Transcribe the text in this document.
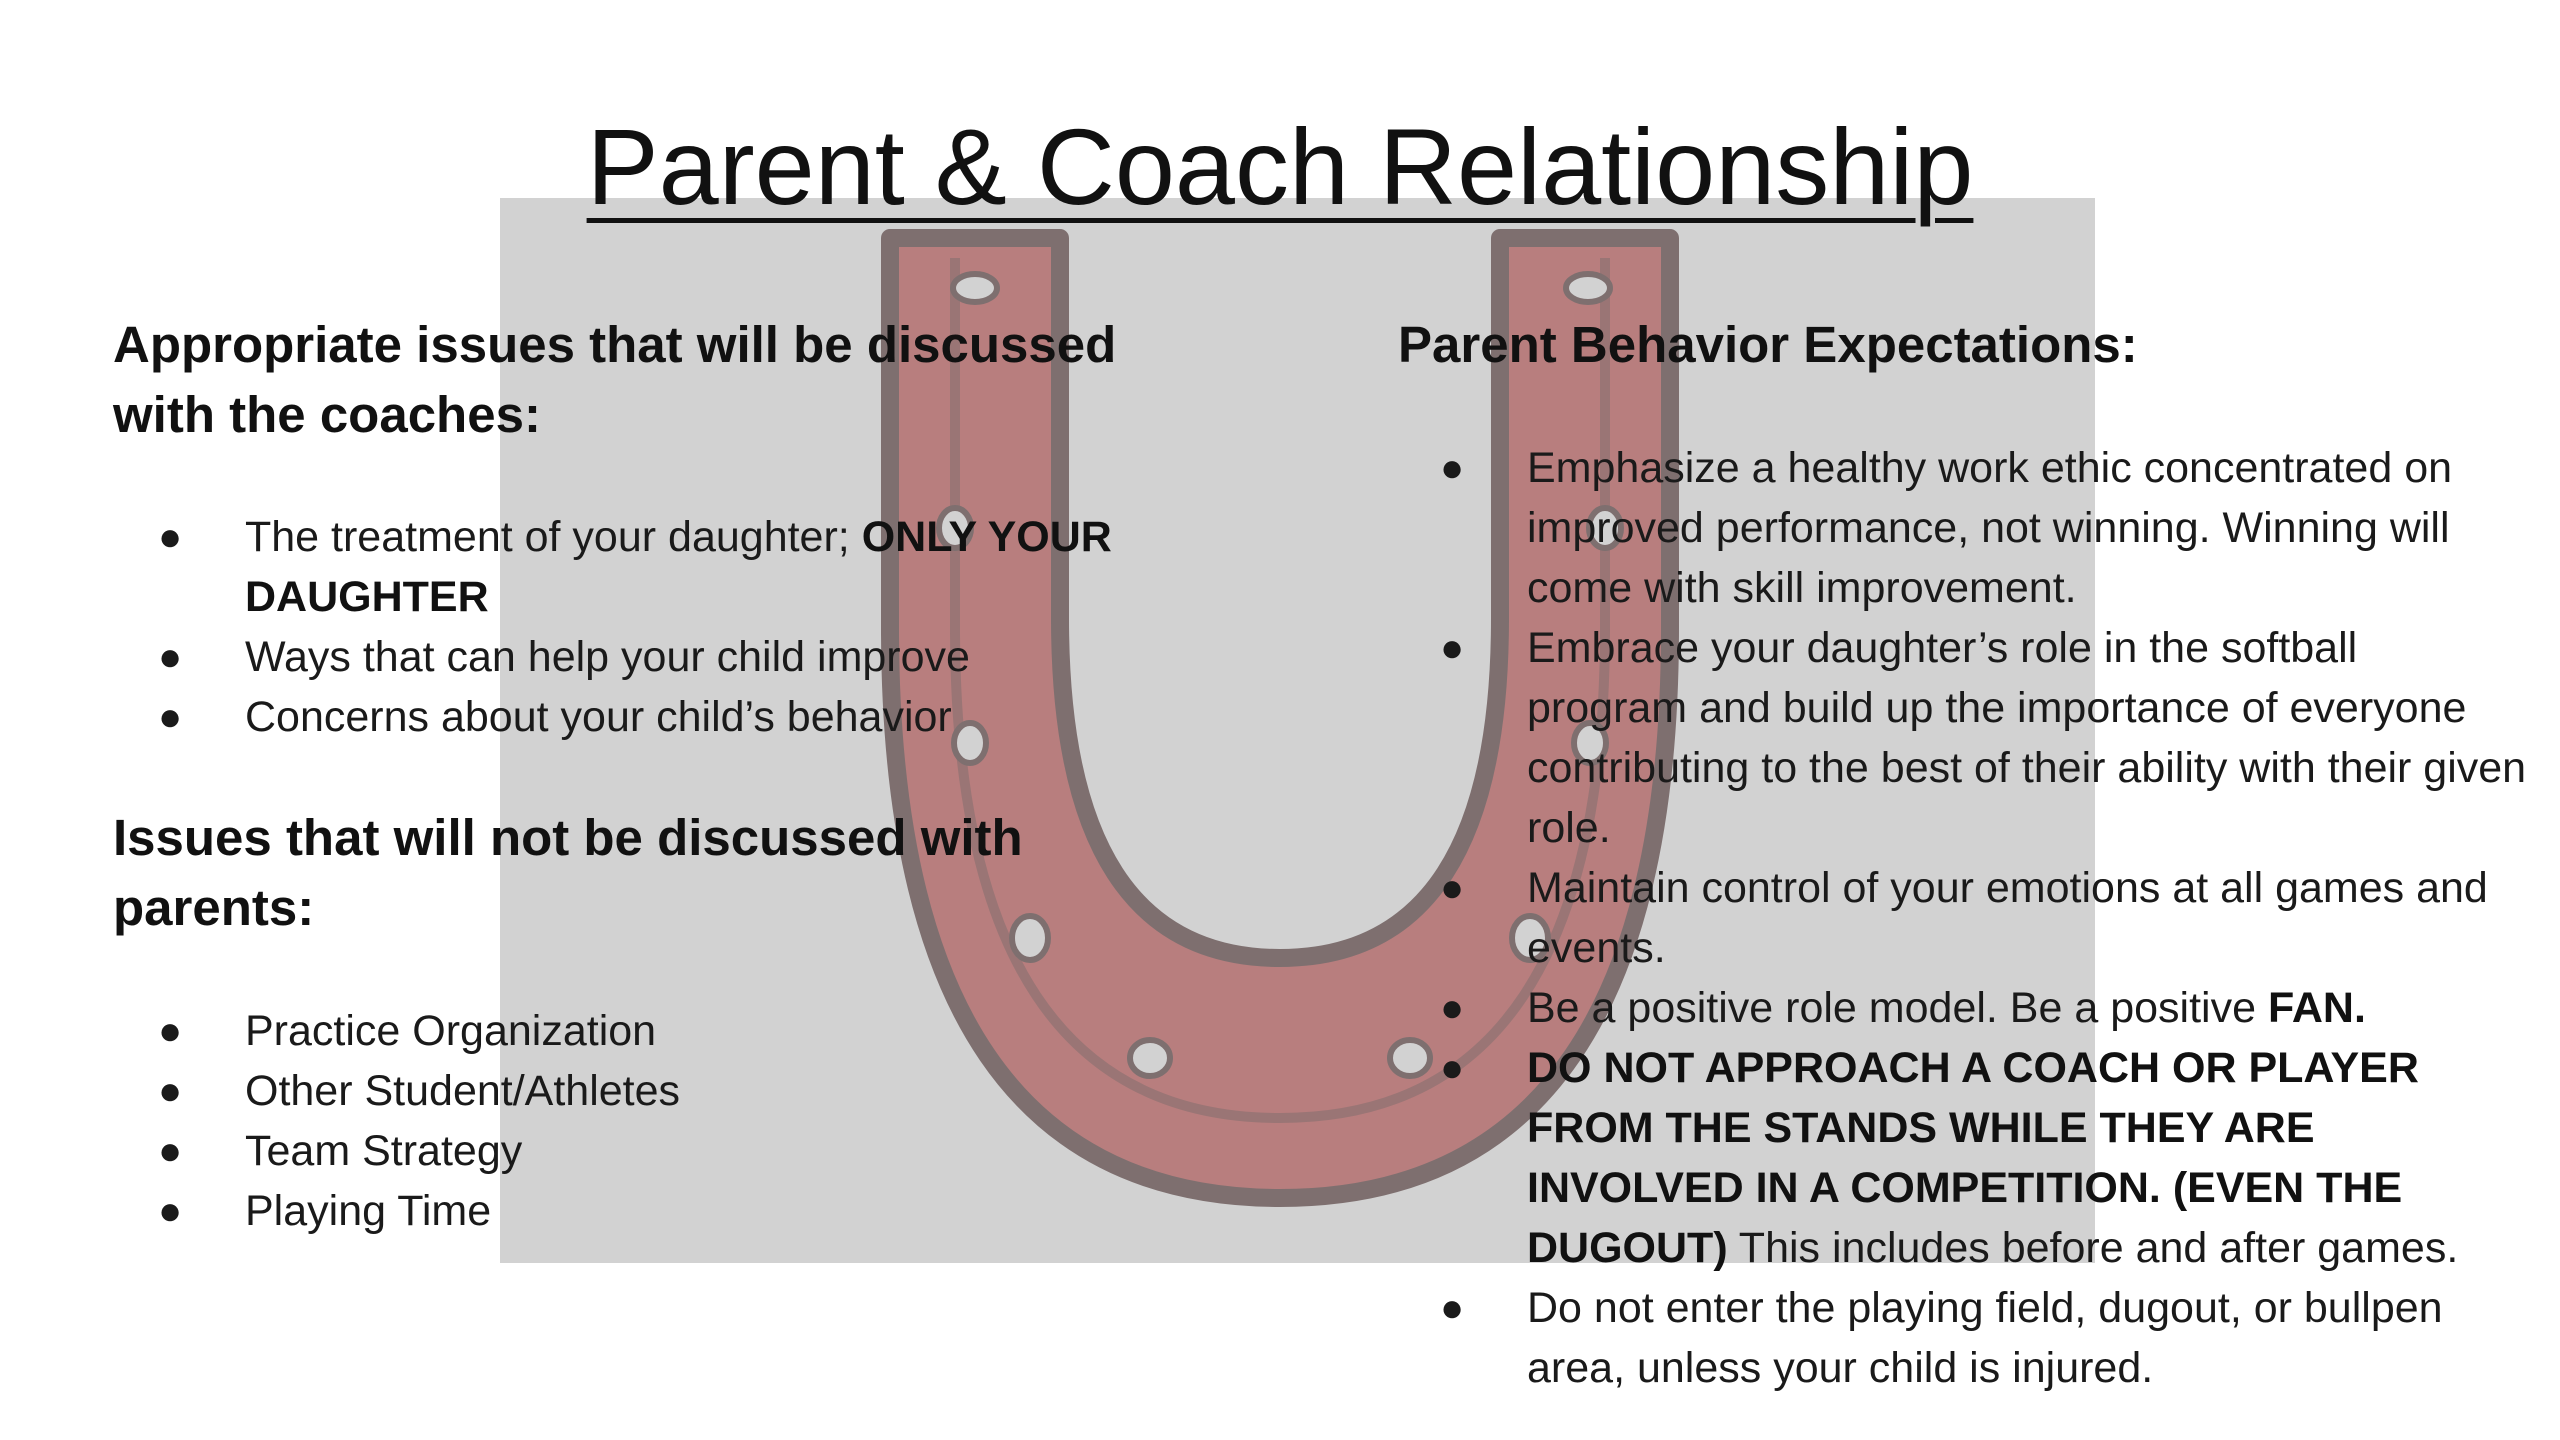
Parent & Coach Relationship
Appropriate issues that will be discussed with the coaches:
● The treatment of your daughter; ONLY YOUR DAUGHTER
● Ways that can help your child improve
● Concerns about your child’s behavior
Issues that will not be discussed with parents:
● Practice Organization
● Other Student/Athletes
● Team Strategy
● Playing Time
Parent Behavior Expectations:
● Emphasize a healthy work ethic concentrated on improved performance, not winning. Winning will come with skill improvement.
● Embrace your daughter’s role in the softball program and build up the importance of everyone contributing to the best of their ability with their given role.
● Maintain control of your emotions at all games and events.
● Be a positive role model. Be a positive FAN.
● DO NOT APPROACH A COACH OR PLAYER FROM THE STANDS WHILE THEY ARE INVOLVED IN A COMPETITION. (EVEN THE DUGOUT) This includes before and after games.
● Do not enter the playing field, dugout, or bullpen area, unless your child is injured.
